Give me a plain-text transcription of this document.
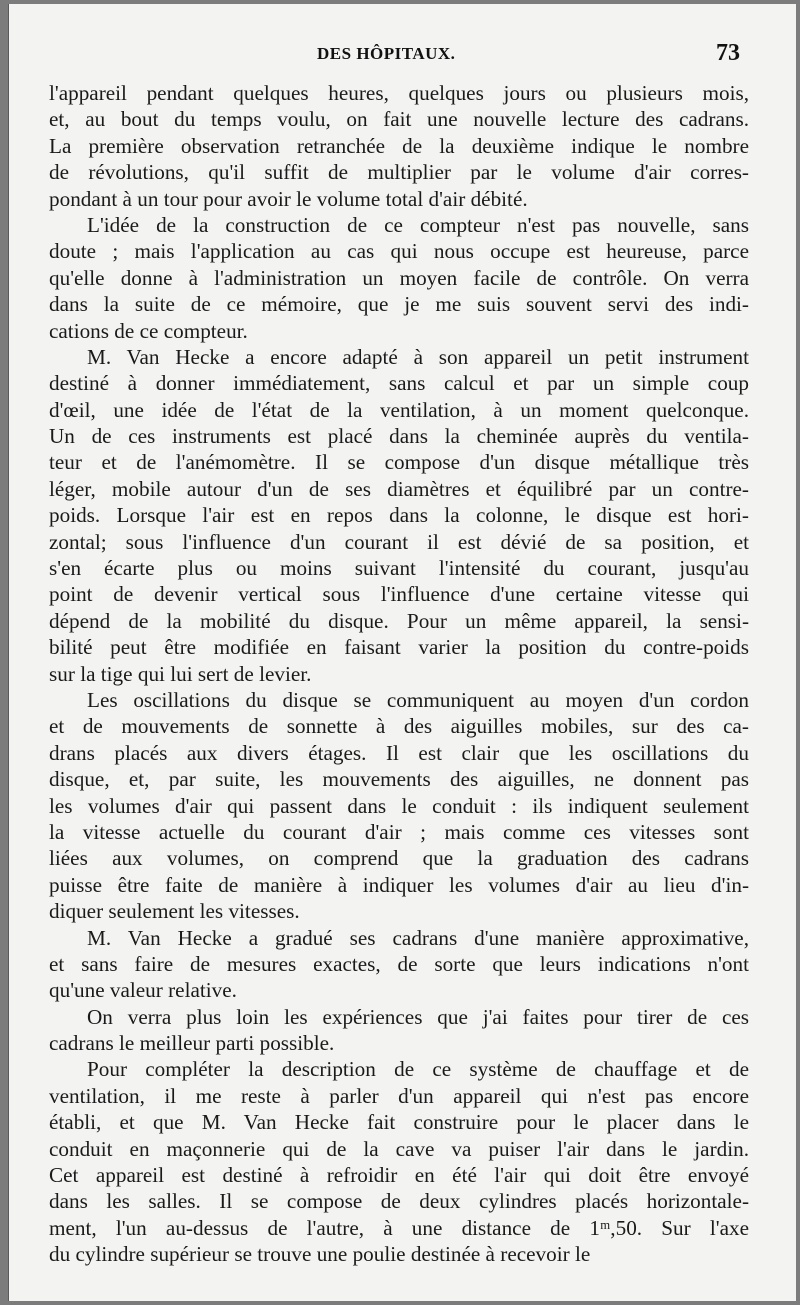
DES HÔPITAUX.	73
l'appareil pendant quelques heures, quelques jours ou plusieurs mois,
et, au bout du temps voulu, on fait une nouvelle lecture des cadrans.
La première observation retranchée de la deuxième indique le nombre
de révolutions, qu'il suffit de multiplier par le volume d'air corres-
pondant à un tour pour avoir le volume total d'air débité.
L'idée de la construction de ce compteur n'est pas nouvelle, sans
doute ; mais l'application au cas qui nous occupe est heureuse, parce
qu'elle donne à l'administration un moyen facile de contrôle. On verra
dans la suite de ce mémoire, que je me suis souvent servi des indi-
cations de ce compteur.
M. Van Hecke a encore adapté à son appareil un petit instrument
destiné à donner immédiatement, sans calcul et par un simple coup
d'œil, une idée de l'état de la ventilation, à un moment quelconque.
Un de ces instruments est placé dans la cheminée auprès du ventila-
teur et de l'anémomètre. Il se compose d'un disque métallique très
léger, mobile autour d'un de ses diamètres et équilibré par un contre-
poids. Lorsque l'air est en repos dans la colonne, le disque est hori-
zontal; sous l'influence d'un courant il est dévié de sa position, et
s'en écarte plus ou moins suivant l'intensité du courant, jusqu'au
point de devenir vertical sous l'influence d'une certaine vitesse qui
dépend de la mobilité du disque. Pour un même appareil, la sensi-
bilité peut être modifiée en faisant varier la position du contre-poids
sur la tige qui lui sert de levier.
Les oscillations du disque se communiquent au moyen d'un cordon
et de mouvements de sonnette à des aiguilles mobiles, sur des ca-
drans placés aux divers étages. Il est clair que les oscillations du
disque, et, par suite, les mouvements des aiguilles, ne donnent pas
les volumes d'air qui passent dans le conduit : ils indiquent seulement
la vitesse actuelle du courant d'air ; mais comme ces vitesses sont
liées aux volumes, on comprend que la graduation des cadrans
puisse être faite de manière à indiquer les volumes d'air au lieu d'in-
diquer seulement les vitesses.
M. Van Hecke a gradué ses cadrans d'une manière approximative,
et sans faire de mesures exactes, de sorte que leurs indications n'ont
qu'une valeur relative.
On verra plus loin les expériences que j'ai faites pour tirer de ces
cadrans le meilleur parti possible.
Pour compléter la description de ce système de chauffage et de
ventilation, il me reste à parler d'un appareil qui n'est pas encore
établi, et que M. Van Hecke fait construire pour le placer dans le
conduit en maçonnerie qui de la cave va puiser l'air dans le jardin.
Cet appareil est destiné à refroidir en été l'air qui doit être envoyé
dans les salles. Il se compose de deux cylindres placés horizontale-
ment, l'un au-dessus de l'autre, à une distance de 1ᵐ,50. Sur l'axe
du cylindre supérieur se trouve une poulie destinée à recevoir le
